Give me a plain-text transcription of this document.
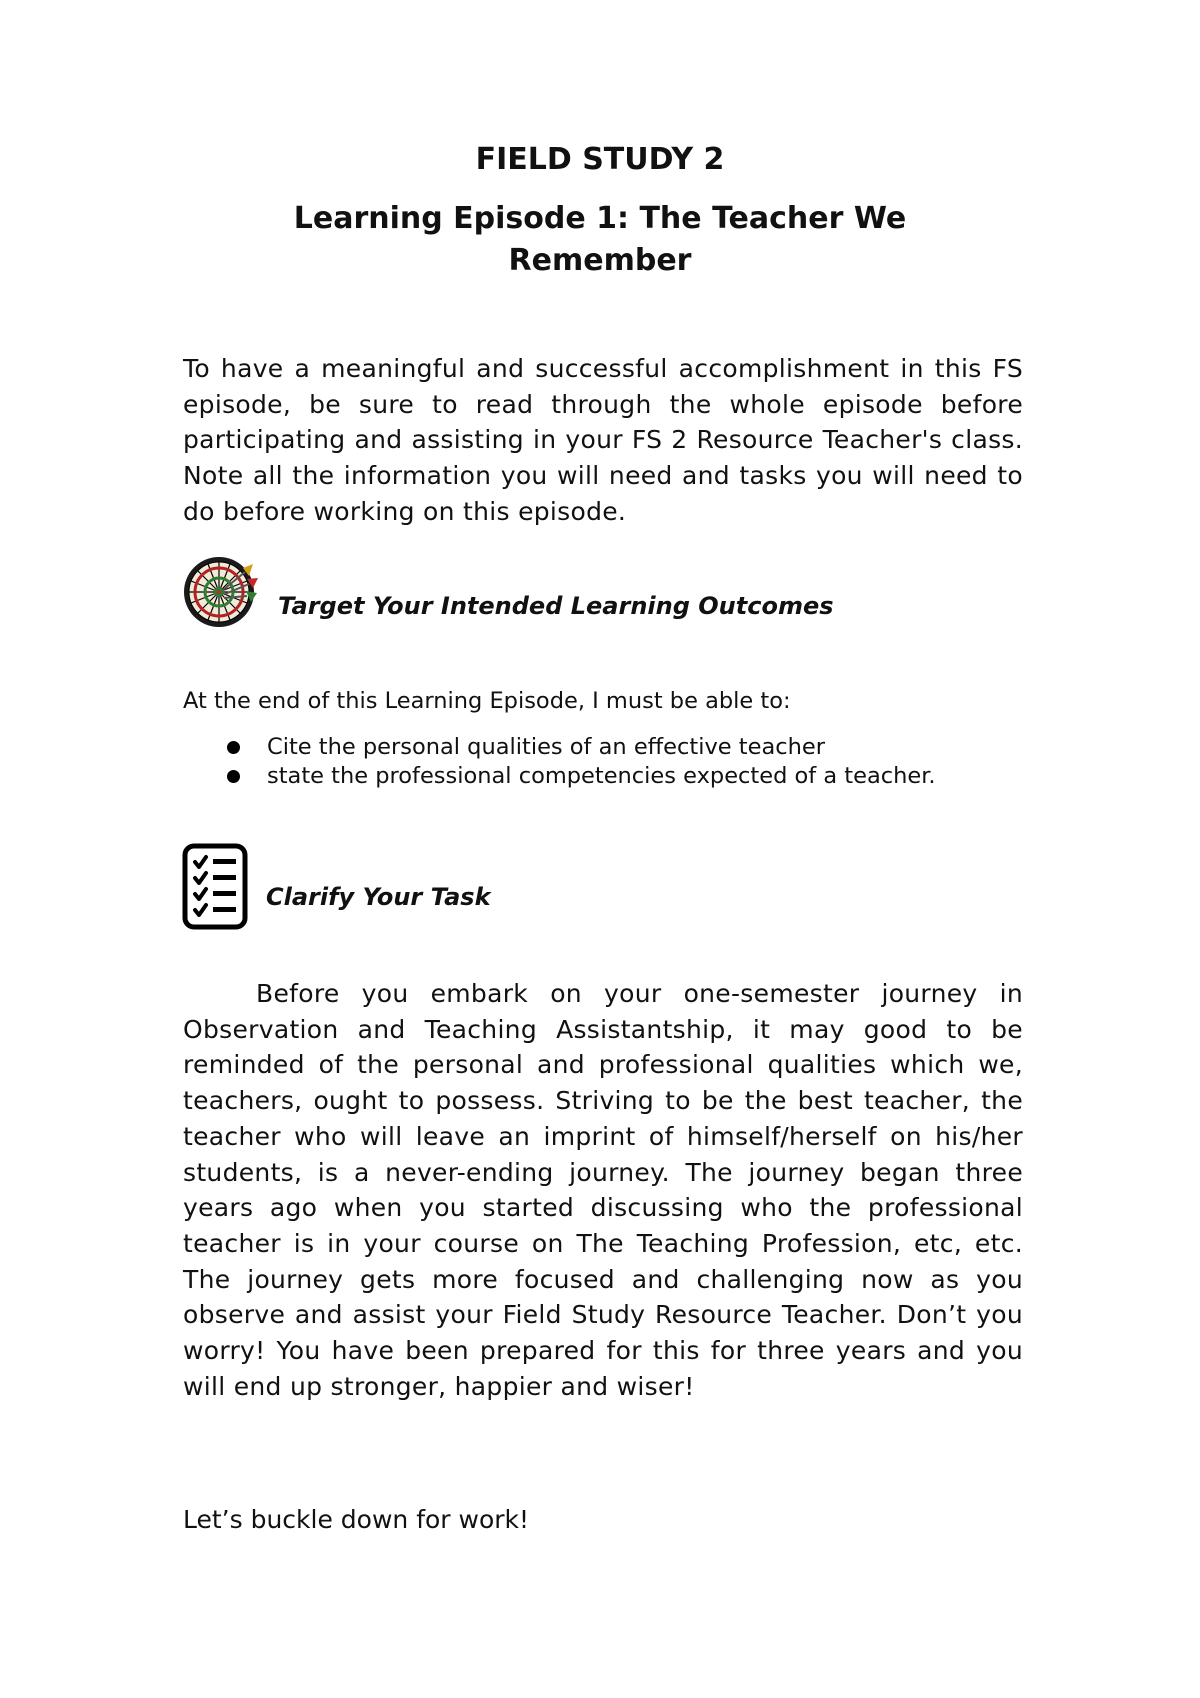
FIELD STUDY 2
Learning Episode 1: The Teacher We
Remember
To have a meaningful and successful accomplishment in this FS episode, be sure to read through the whole episode before participating and assisting in your FS 2 Resource Teacher's class. Note all the information you will need and tasks you will need to do before working on this episode.
Target Your Intended Learning Outcomes
At the end of this Learning Episode, I must be able to:
Cite the personal qualities of an effective teacher
state the professional competencies expected of a teacher.
Clarify Your Task
Before you embark on your one-semester journey in Observation and Teaching Assistantship, it may good to be reminded of the personal and professional qualities which we, teachers, ought to possess. Striving to be the best teacher, the teacher who will leave an imprint of himself/herself on his/her students, is a never-ending journey. The journey began three years ago when you started discussing who the professional teacher is in your course on The Teaching Profession, etc, etc. The journey gets more focused and challenging now as you observe and assist your Field Study Resource Teacher. Don’t you worry! You have been prepared for this for three years and you will end up stronger, happier and wiser!
Let’s buckle down for work!
